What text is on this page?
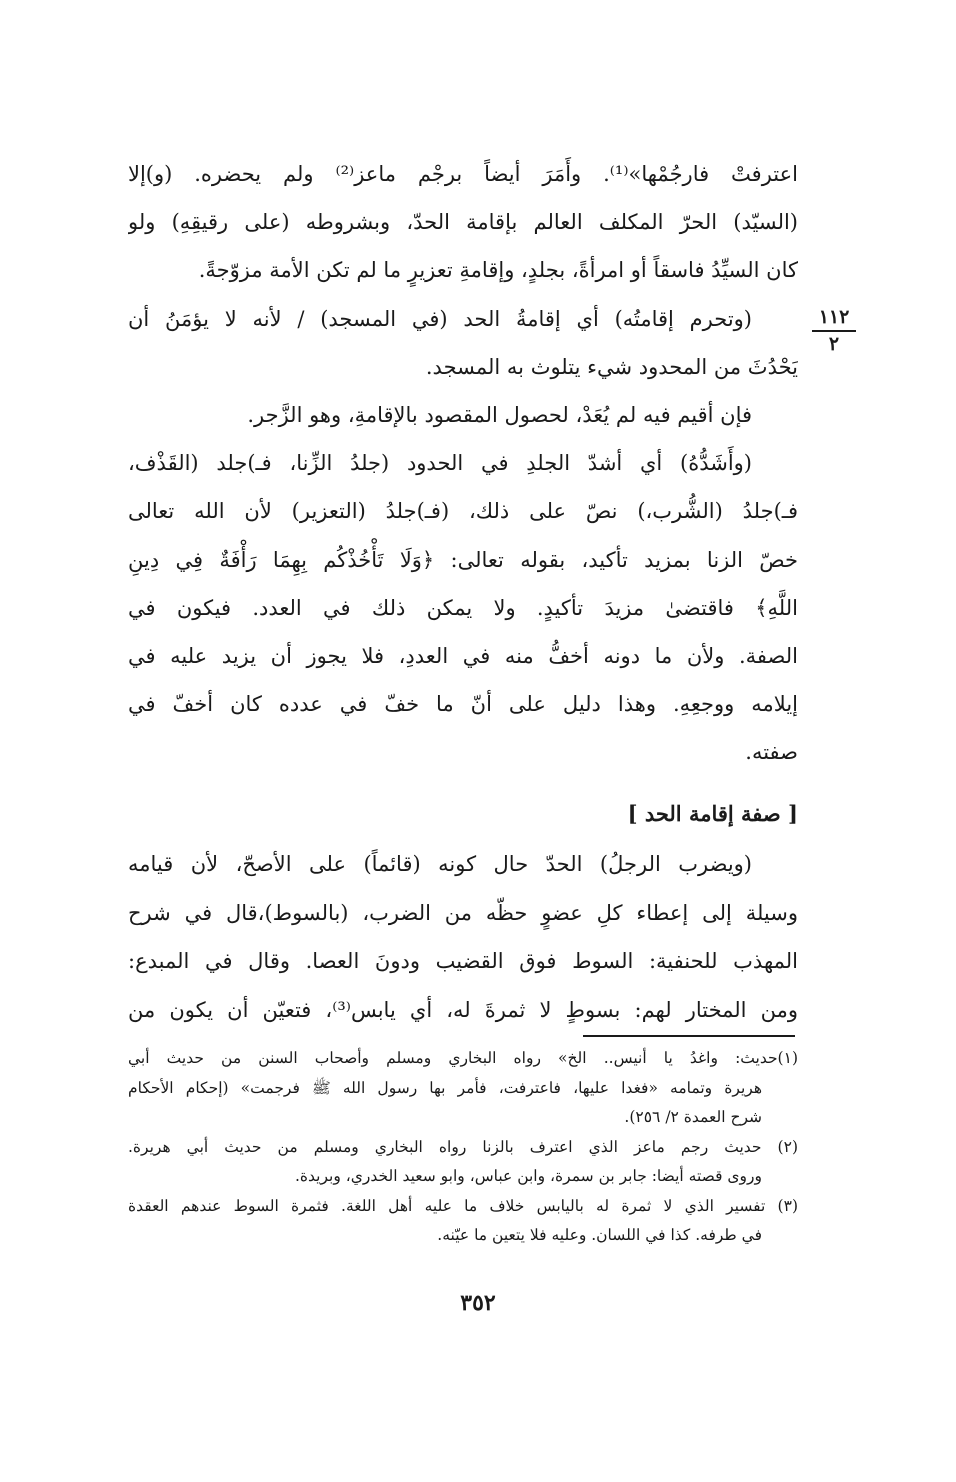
اعترفتْ فارجُمْها»⁽¹⁾. وأَمَرَ أيضاً برجْم ماعز⁽²⁾ ولم يحضره. (و)إلا
(السيّد) الحرّ المكلف العالم بإقامة الحدّ، وبشروطه (على رقيقِهِ) ولو
كان السيِّدُ فاسقاً أو امرأةً، بجلدٍ، وإقامةِ تعزيرٍ ما لم تكن الأمة مزوّجةً.
(وتحرم إقامتُه) أي إقامةُ الحد (في المسجد) / لأنه لا يؤمَنُ أن
يَحْدُثَ من المحدود شيء يتلوث به المسجد.
فإن أقيم فيه لم يُعَدْ، لحصول المقصود بالإقامةِ، وهو الزَّجر.
(وأَشَدُّهُ) أي أشدّ الجلدِ في الحدود (جلدُ الزِّنا، فـ)جلد (القَذْف،
فـ)جلدُ (الشُّرب،) نصّ على ذلك، (فـ)جلدُ (التعزير) لأن الله تعالى
خصّ الزنا بمزيد تأكيد، بقوله تعالى: ﴿وَلَا تَأْخُذْكُم بِهِمَا رَأْفَةٌ فِي دِينِ
اللَّهِ﴾ فاقتضىٰ مزيدَ تأكيدٍ. ولا يمكن ذلك في العدد. فيكون في
الصفة. ولأن ما دونه أخفُّ منه في العددِ، فلا يجوز أن يزيد عليه في
إيلامه ووجعِهِ. وهذا دليل على أنّ ما خفّ في عدده كان أخفّ في
صفته.
١١٢
٢
[ صفة إقامة الحد ]
(ويضرب الرجلُ) الحدّ حال كونه (قائماً) على الأصحّ، لأن قيامه
وسيلة إلى إعطاء كلِ عضوٍ حظّه من الضرب، (بالسوط)،قال في شرح
المهذب للحنفية: السوط فوق القضيب ودونَ العصا. وقال في المبدع:
ومن المختار لهم: بسوطٍ لا ثمرةَ له، أي يابس⁽³⁾، فتعيّن أن يكون من
(١)حديث: واغدُ يا أنيس.. الخ» رواه البخاري ومسلم وأصحاب السنن من حديث أبي
هريرة وتمامه «فغدا عليها، فاعترفت، فأمر بها رسول الله ﷺ فرجمت» (إحكام الأحكام
شرح العمدة ٢/ ٢٥٦).
(٢) حديث رجم ماعز الذي اعترف بالزنا رواه البخاري ومسلم من حديث أبي هريرة.
وروى قصته أيضا: جابر بن سمرة، وابن عباس، وابو سعيد الخدري، وبريدة.
(٣) تفسير الذي لا ثمرة له باليابس خلاف ما عليه أهل اللغة. فثمرة السوط عندهم العقدة
في طرفه. كذا في اللسان. وعليه فلا يتعين ما عيّنه.
٣٥٢
